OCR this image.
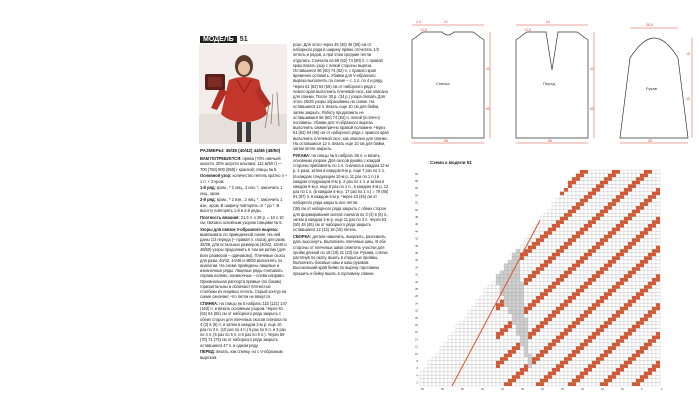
МОДЕЛЬ 51
РАЗМЕРЫ: 36/38 (40/42) 44/46 (48/50)

ВАМ ПОТРЕБУЕТСЯ: пряжа (70% овечьей шерсти, 30% шерсти альпака; 112 м/50 г) — 700 (750) 800 (850) г красной; спицы № 5.

Основной узор: количество петель кратно 4 + 1 п. + 2 кром.

1-й ряд: кром., * 2 лиц., 2 изн. *, закончить 1 лиц., кром.

2-й ряд: кром., * 2 изн., 2 лиц. *, закончить 1 изн., кром. В ширину повторять от * до *. В высоту повторять 1-й и 2-й ряды.

Плотность вязания: 21,5 п. x 28 р. = 10 x 10 см, связано основным узором спицами № 5.

Узоры для связок V-образного выреза: вывязывать по приведенной схеме. На ней даны 1/2 переда (– правая п. скоса) для разм. 36/38, для остальных размеров (40/42, 44/46 и 48/50) узоры продолжить в том же ритме (для всех размеров – одинаково). Плечевые скосы для разм. 40/42, 44/46 и 48/50 выполнять по аналогии. На схеме приведены лицевые и изнаночные ряды. Лицевые ряды считывать справа налево, изнаночные – слева направо. Оригинальная раппорта прямые (по бокам) горизонтальны и облачают пятнистые столбики из лицевых петель. Серый контур на схеме означает, что петли не вяжутся.

СПИНКА: на спицы № 5 набрать 115 (121) 147 (163) п. и вязать основным узором. Через 61 (62) 64 (66) см от наборного ряда закрыть с обеих сторон для плечевых скосов сначала по 4 (3) 5 (6) п. и затем в каждом 2-м р. еще 10 раз по 3 п. (10 раз по 4 п.) 5 раз по 5 п. и 3 раз по 4 п. (5 раз по 5 п. и 8 раз по 5 п.). Через 69 (70) 71 (73) см от наборного ряда закрыть оставшиеся 47 п. в одном ряду.

ПЕРЕД: вязать, как спинку, но с V-образным вырезом.

розе. Для этого через 45 (46) 46 (50) см от наборного ряда в ширину прямо отсчитать 1/2 петель и рядов, а при этом средние петли отделить. Сначала на 58 (62) 74 (80) п. с правой краю вязать узор с левой стороны выреза. Оставшиеся 56 (60) 74 (82) п. с правого края временно оставить. Убавки для V-образного выреза выполнять по схеме – с. 1 п. по 4 и ряду. Через 61 (62) 64 (66) см от наборного ряда с левого края выполнить плечевой скос, как описано для спинки. После 30 р. (34 р.) узора связать Для этого 26/28 узоры образованы на схеме. На оставшиеся 12 п. вязать еще 10 см для бейки, затем закрыть. Работу продолжить не оставшимися 56 (60) 74 (82) п. левой (в плечо) половины. Убавки для V-образного выреза выполнить симметрично правой половине. Через 61 (62) 64 (66) см от наборного ряда с правого края выполнить плечевой скос, как описано для спинки. На оставшихся 12 п. вязать еще 10 см для бейки, затем петли закрыть.

РУКАВА: на спицы № 5 набрать 55 п. и вязать основным узором. Для скосов рукава с каждой стороны прибавлять по 1 п. сначала в каждом 12-м р. 4 раза, затем в каждом 8-м р. еще 7 раз по 1 п. (в каждом следующем 10-м р. 11 раз по 1 п.) в каждом следующем 8-м р. 2 раз по 1 п. и затем в каждом 6-м р. еще 8 раз по 1 п., в каждом 4-м р. 12 раз по 1 п. (в каждом 4-м р. 17 раз по 1 п.) = 79 (85) 91 (97) п. в каждом 4-м р. Через 43 (45) см от наборного ряда закрыть все петли.

(38) см от наборного ряда закрыть с обеих сторон для формирования окатов сначала по 3 (4) 5 (6) п., затем в каждом 2-м р. еще 11 раз по 3 п. Через 53 (50) 48 (46) см от наборного ряда закрыть оставшиеся 12 (13) 18 (19) петель.

СБОРКА: детали намочить, выкроить, разложить, дать высохнуть. Выполнить плечевые швы. В обе стороны от плечевых швов отметить участки для пройм длиной по 18 (19) 21 (23) см. Рукава, слегка растянув по окату, вшить в открытые проймы. Выполнить боковые швы и швы рукавов. Высоконький край бейки по вырезу горловины пришить и бейку вшить в горловину спинки.

Спинка	Перед
Рукав
21
4 4
12,5
56
40
69
24
12,5
56
40
69
36,5
25
45
15
Схема к модели 51
60
58
56
54
52
50
48
46
44
42
40
38
36
34
32
30
28
26
24
22
20
18
16
14
12
10
8
6
4
2
60	55	50	45	40	35	30	25	20	15	10	5	1
